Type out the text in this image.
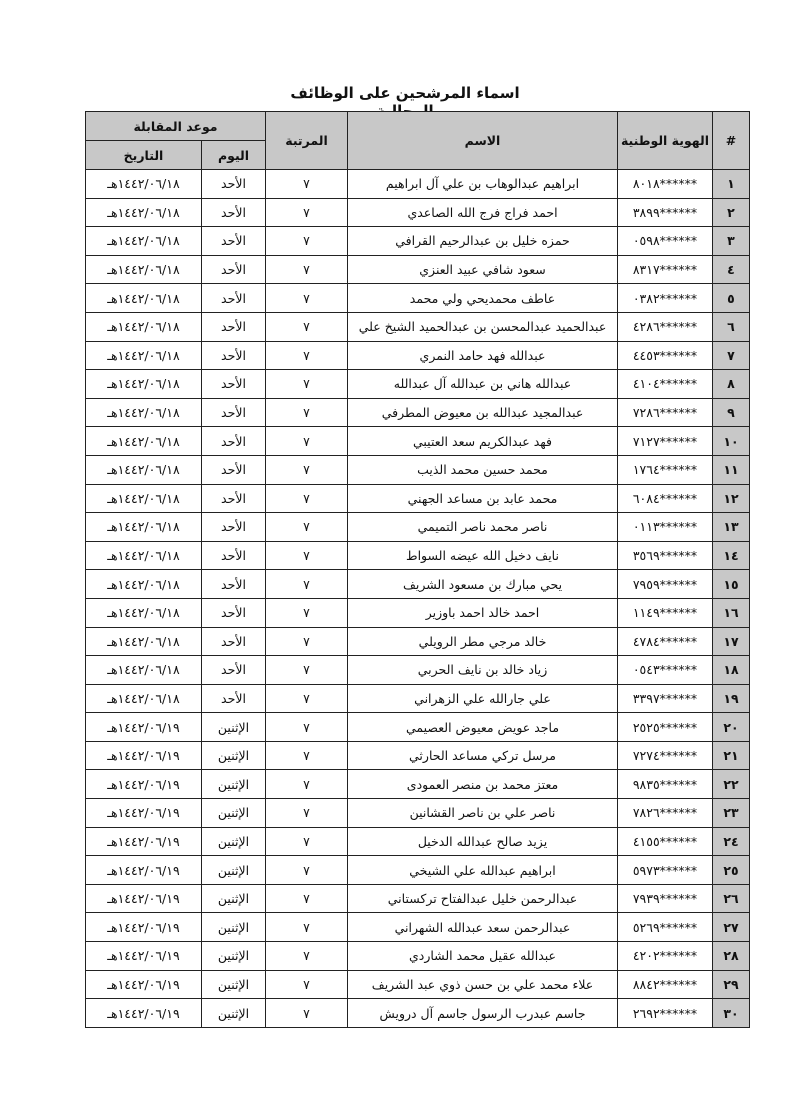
اسماء المرشحين على الوظائف
#	الهوية الوطنية	الاسم	المرتبة	موعد المقابلة	
				اليوم	التاريخ
١	******٨٠١٨	ابراهيم عبدالوهاب بن علي آل ابراهيم	٧	الأحد	١٤٤٢/٠٦/١٨هـ
٢	******٣٨٩٩	احمد فراج فرج الله الصاعدي	٧	الأحد	١٤٤٢/٠٦/١٨هـ
٣	******٠٥٩٨	حمزه خليل بن عبدالرحيم القرافي	٧	الأحد	١٤٤٢/٠٦/١٨هـ
٤	******٨٣١٧	سعود شافي عبيد العنزي	٧	الأحد	١٤٤٢/٠٦/١٨هـ
٥	******٠٣٨٢	عاطف محمديحي ولي محمد	٧	الأحد	١٤٤٢/٠٦/١٨هـ
٦	******٤٢٨٦	عبدالحميد عبدالمحسن بن عبدالحميد الشيخ علي	٧	الأحد	١٤٤٢/٠٦/١٨هـ
٧	******٤٤٥٣	عبدالله فهد حامد النمري	٧	الأحد	١٤٤٢/٠٦/١٨هـ
٨	******٤١٠٤	عبدالله هاني بن عبدالله آل عبدالله	٧	الأحد	١٤٤٢/٠٦/١٨هـ
٩	******٧٢٨٦	عبدالمجيد عبدالله بن معيوض المطرفي	٧	الأحد	١٤٤٢/٠٦/١٨هـ
١٠	******٧١٢٧	فهد عبدالكريم سعد العتيبي	٧	الأحد	١٤٤٢/٠٦/١٨هـ
١١	******١٧٦٤	محمد حسين محمد الذيب	٧	الأحد	١٤٤٢/٠٦/١٨هـ
١٢	******٦٠٨٤	محمد عابد بن مساعد الجهني	٧	الأحد	١٤٤٢/٠٦/١٨هـ
١٣	******٠١١٣	ناصر محمد ناصر التميمي	٧	الأحد	١٤٤٢/٠٦/١٨هـ
١٤	******٣٥٦٩	نايف دخيل الله عيضه السواط	٧	الأحد	١٤٤٢/٠٦/١٨هـ
١٥	******٧٩٥٩	يحي مبارك بن مسعود الشريف	٧	الأحد	١٤٤٢/٠٦/١٨هـ
١٦	******١١٤٩	احمد خالد احمد باوزير	٧	الأحد	١٤٤٢/٠٦/١٨هـ
١٧	******٤٧٨٤	خالد مرجي مطر الرويلي	٧	الأحد	١٤٤٢/٠٦/١٨هـ
١٨	******٠٥٤٣	زياد خالد بن نايف الحربي	٧	الأحد	١٤٤٢/٠٦/١٨هـ
١٩	******٣٣٩٧	علي جارالله علي الزهراني	٧	الأحد	١٤٤٢/٠٦/١٨هـ
٢٠	******٢٥٢٥	ماجد عويض معيوض العصيمي	٧	الإثنين	١٤٤٢/٠٦/١٩هـ
٢١	******٧٢٧٤	مرسل تركي مساعد الحارثي	٧	الإثنين	١٤٤٢/٠٦/١٩هـ
٢٢	******٩٨٣٥	معتز محمد بن منصر العمودى	٧	الإثنين	١٤٤٢/٠٦/١٩هـ
٢٣	******٧٨٢٦	ناصر علي بن ناصر القشانين	٧	الإثنين	١٤٤٢/٠٦/١٩هـ
٢٤	******٤١٥٥	يزيد صالح عبدالله الدخيل	٧	الإثنين	١٤٤٢/٠٦/١٩هـ
٢٥	******٥٩٧٣	ابراهيم عبدالله علي الشيخي	٧	الإثنين	١٤٤٢/٠٦/١٩هـ
٢٦	******٧٩٣٩	عبدالرحمن خليل عبدالفتاح تركستاني	٧	الإثنين	١٤٤٢/٠٦/١٩هـ
٢٧	******٥٢٦٩	عبدالرحمن سعد عبدالله الشهراني	٧	الإثنين	١٤٤٢/٠٦/١٩هـ
٢٨	******٤٢٠٢	عبدالله عقيل محمد الشاردي	٧	الإثنين	١٤٤٢/٠٦/١٩هـ
٢٩	******٨٨٤٢	علاء محمد علي بن حسن ذوي عبد الشريف	٧	الإثنين	١٤٤٢/٠٦/١٩هـ
٣٠	******٢٦٩٢	جاسم عبدرب الرسول جاسم آل درويش	٧	الإثنين	١٤٤٢/٠٦/١٩هـ
